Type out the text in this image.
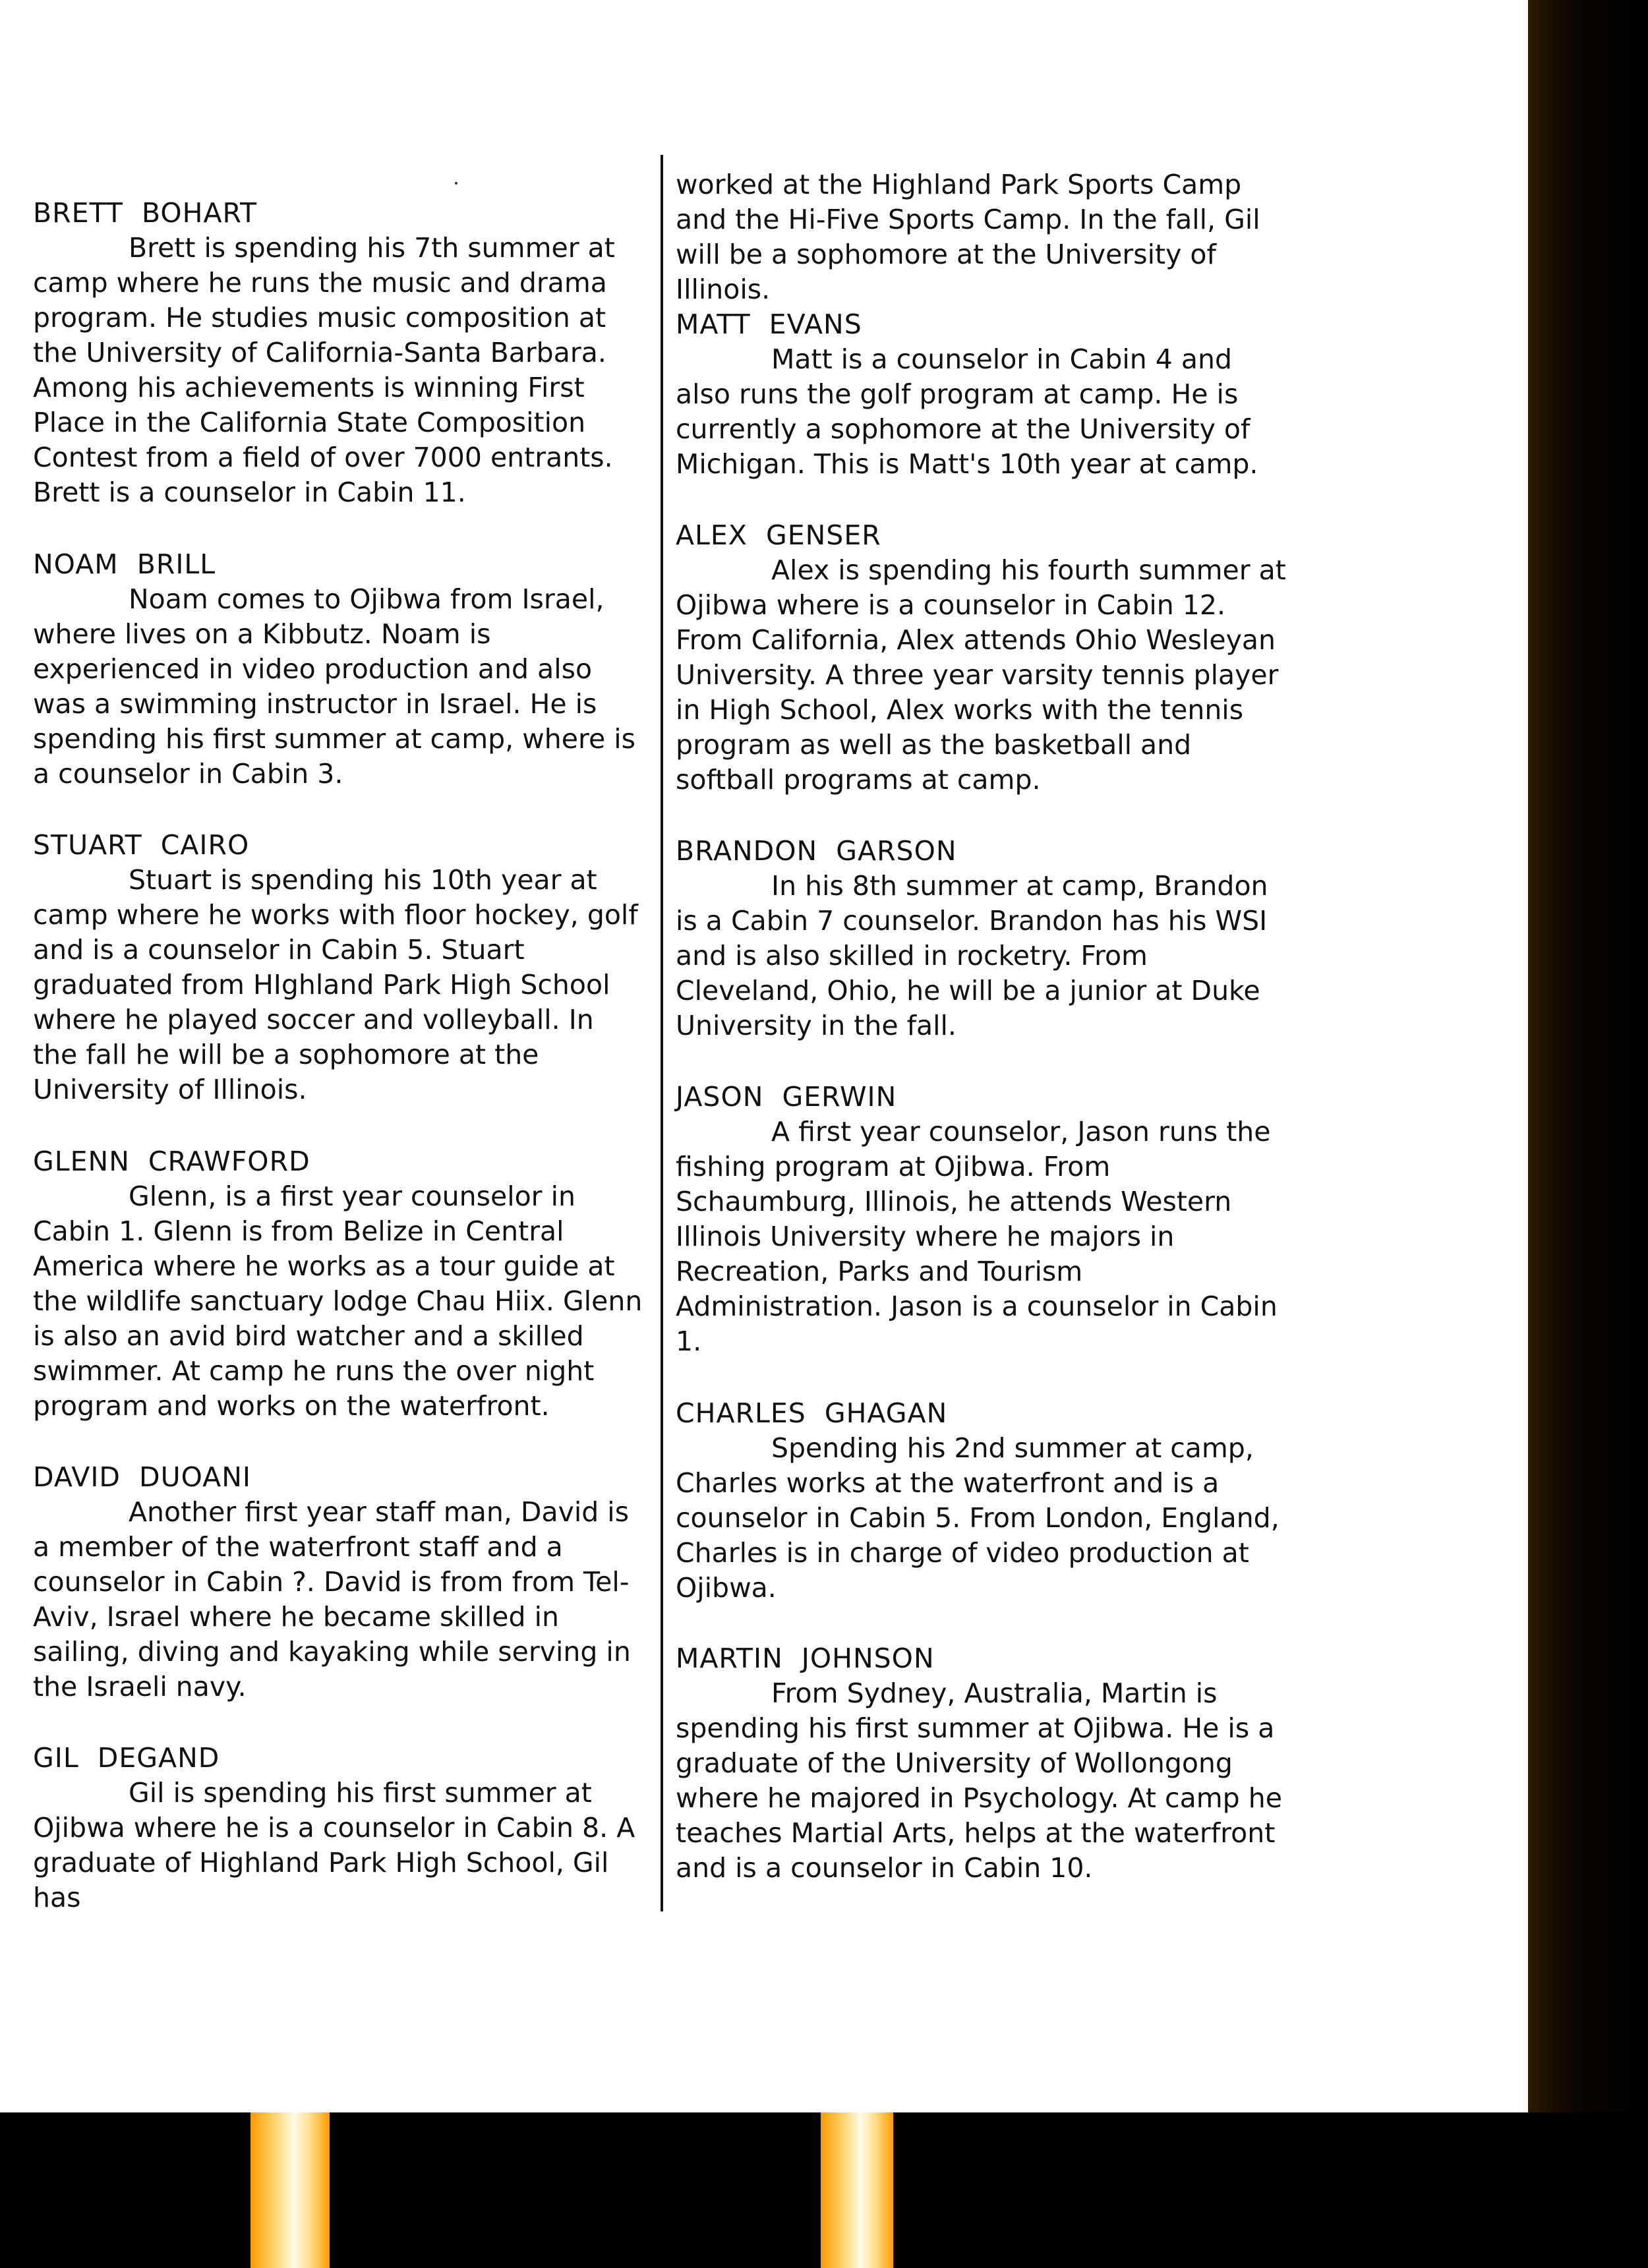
BRETT  BOHART

Brett is spending his 7th summer at camp where he runs the music and drama program. He studies music composition at the University of California-Santa Barbara. Among his achievements is winning First Place in the California State Composition Contest from a field of over 7000 entrants. Brett is a counselor in Cabin 11.

NOAM  BRILL

Noam comes to Ojibwa from Israel, where lives on a Kibbutz. Noam is experienced in video production and also was a swimming instructor in Israel. He is spending his first summer at camp, where is a counselor in Cabin 3.

STUART  CAIRO

Stuart is spending his 10th year at camp where he works with floor hockey, golf and is a counselor in Cabin 5. Stuart graduated from HIghland Park High School where he played soccer and volleyball. In the fall he will be a sophomore at the University of Illinois.

GLENN  CRAWFORD

Glenn, is a first year counselor in Cabin 1. Glenn is from Belize in Central America where he works as a tour guide at the wildlife sanctuary lodge Chau Hiix. Glenn is also an avid bird watcher and a skilled swimmer. At camp he runs the over night program and works on the waterfront.

DAVID  DUOANI

Another first year staff man, David is a member of the waterfront staff and a counselor in Cabin ?. David is from from Tel-Aviv, Israel where he became skilled in sailing, diving and kayaking while serving in the Israeli navy.

GIL  DEGAND

Gil is spending his first summer at Ojibwa where he is a counselor in Cabin 8. A graduate of Highland Park High School, Gil has

worked at the Highland Park Sports Camp and the Hi-Five Sports Camp. In the fall, Gil will be a sophomore at the University of Illinois.

MATT  EVANS

Matt is a counselor in Cabin 4 and also runs the golf program at camp. He is currently a sophomore at the University of Michigan. This is Matt's 10th year at camp.

ALEX  GENSER

Alex is spending his fourth summer at Ojibwa where is a counselor in Cabin 12. From California, Alex attends Ohio Wesleyan University. A three year varsity tennis player in High School, Alex works with the tennis program as well as the basketball and softball programs at camp.

BRANDON  GARSON

In his 8th summer at camp, Brandon is a Cabin 7 counselor. Brandon has his WSI and is also skilled in rocketry. From Cleveland, Ohio, he will be a junior at Duke University in the fall.

JASON  GERWIN

A first year counselor, Jason runs the fishing program at Ojibwa. From Schaumburg, Illinois, he attends Western Illinois University where he majors in Recreation, Parks and Tourism Administration. Jason is a counselor in Cabin 1.

CHARLES  GHAGAN

Spending his 2nd summer at camp, Charles works at the waterfront and is a counselor in Cabin 5. From London, England, Charles is in charge of video production at Ojibwa.

MARTIN  JOHNSON

From Sydney, Australia, Martin is spending his first summer at Ojibwa. He is a graduate of the University of Wollongong where he majored in Psychology. At camp he teaches Martial Arts, helps at the waterfront and is a counselor in Cabin 10.
